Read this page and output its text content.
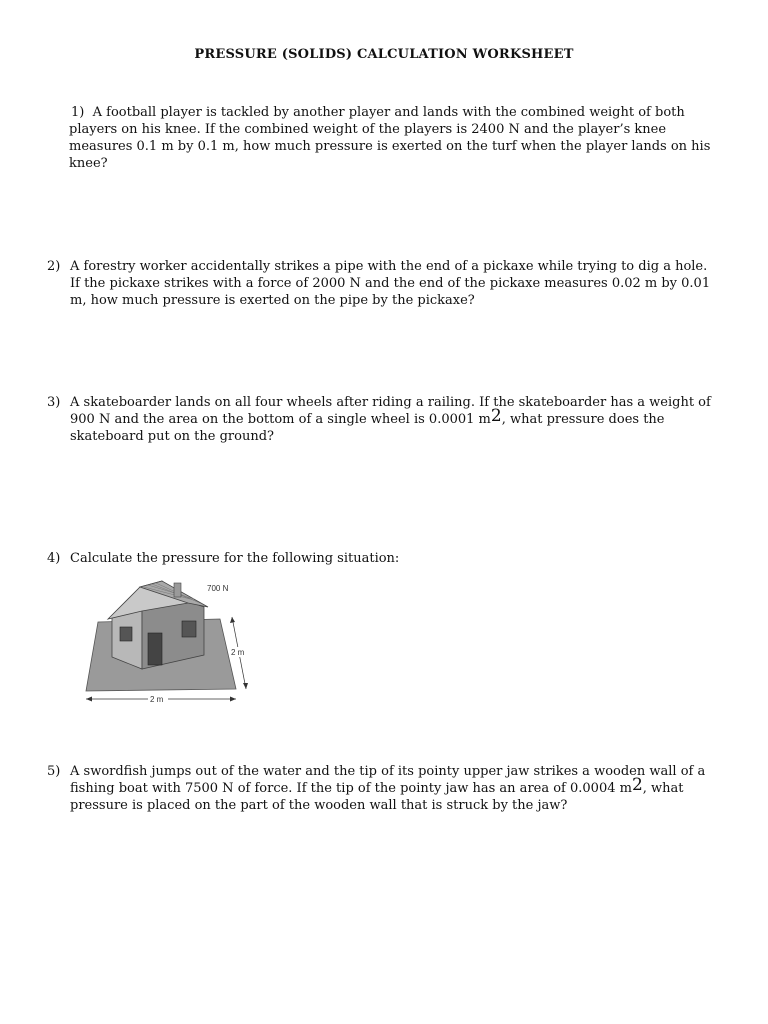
PRESSURE (SOLIDS) CALCULATION WORKSHEET
1) A football player is tackled by another player and lands with the combined weight of both players on his knee. If the combined weight of the players is 2400 N and the player’s knee measures 0.1 m by 0.1 m, how much pressure is exerted on the turf when the player lands on his knee?
2) A forestry worker accidentally strikes a pipe with the end of a pickaxe while trying to dig a hole. If the pickaxe strikes with a force of 2000 N and the end of the pickaxe measures 0.02 m by 0.01 m, how much pressure is exerted on the pipe by the pickaxe?
3) A skateboarder lands on all four wheels after riding a railing. If the skateboarder has a weight of 900 N and the area on the bottom of a single wheel is 0.0001 $m^2$, what pressure does the skateboard put on the ground?
4) Calculate the pressure for the following situation:
2 m
700 N
2 m
5) A swordfish jumps out of the water and the tip of its pointy upper jaw strikes a wooden wall of a fishing boat with 7500 N of force. If the tip of the pointy jaw has an area of 0.0004 $m^2$, what pressure is placed on the part of the wooden wall that is struck by the jaw?
